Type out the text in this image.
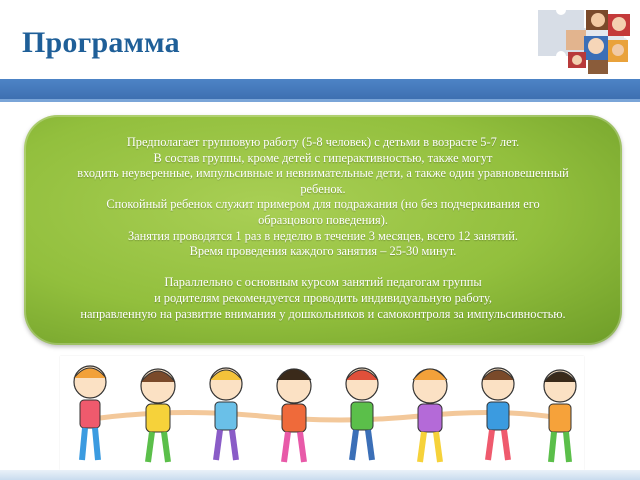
Программа
Предполагает групповую работу (5-8 человек) с детьми в возрасте 5-7 лет.
В состав группы, кроме детей с гиперактивностью, также могут
входить неуверенные, импульсивные и невнимательные дети, а также один уравновешенный
ребенок.
Спокойный ребенок служит примером для подражания (но без подчеркивания его
образцового поведения).
Занятия проводятся 1 раз в неделю в течение 3 месяцев, всего 12 занятий.
Время проведения каждого занятия – 25-30 минут.
Параллельно с основным курсом занятий педагогам группы
и родителям рекомендуется проводить индивидуальную работу,
направленную на развитие внимания у дошкольников и самоконтроля за импульсивностью.
